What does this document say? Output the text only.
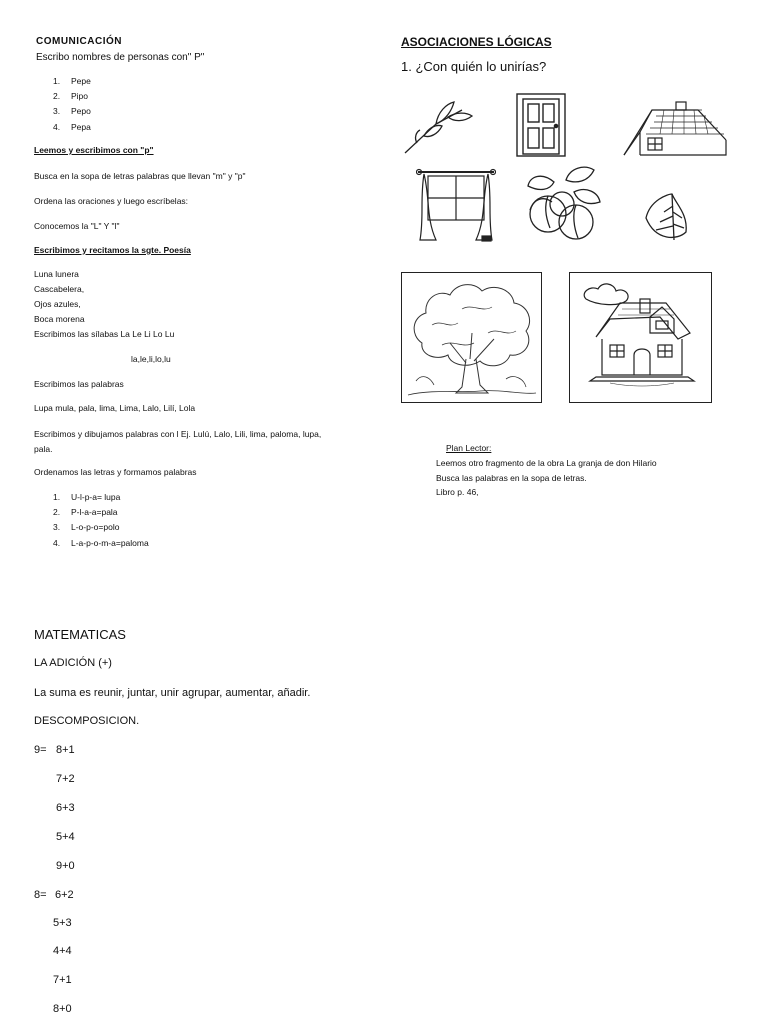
COMUNICACIÓN
Escribo nombres de personas con" P"
1. Pepe
2. Pipo
3. Pepo
4. Pepa
Leemos y escribimos con "p"
Busca en la sopa de letras palabras que llevan "m" y "p"
Ordena las oraciones y luego escríbelas:
Conocemos la "L" Y "l"
Escribimos y recitamos la sgte. Poesía
Luna lunera
Cascabelera,
Ojos azules,
Boca morena
Escribimos las sílabas La Le Li Lo Lu
la,le,li,lo,lu
Escribimos las palabras
Lupa mula, pala, lima, Lima, Lalo, Lilí, Lola
Escribimos y dibujamos palabras con l Ej. Lulú, Lalo, Lili, lima, paloma, lupa,
pala.
Ordenamos las letras y formamos palabras
1. U-l-p-a= lupa
2. P-l-a-a=pala
3. L-o-p-o=polo
4. L-a-p-o-m-a=paloma
ASOCIACIONES LÓGICAS
1. ¿Con quién lo unirías?
Plan Lector:
Leemos otro fragmento de la obra La granja de don Hilario
Busca las palabras en la sopa de letras.
Libro p. 46,
MATEMATICAS
LA ADICIÓN (+)
La suma es reunir, juntar, unir agrupar, aumentar, añadir.
DESCOMPOSICION.
9= 8+1
7+2
6+3
5+4
9+0
8= 6+2
5+3
4+4
7+1
8+0
